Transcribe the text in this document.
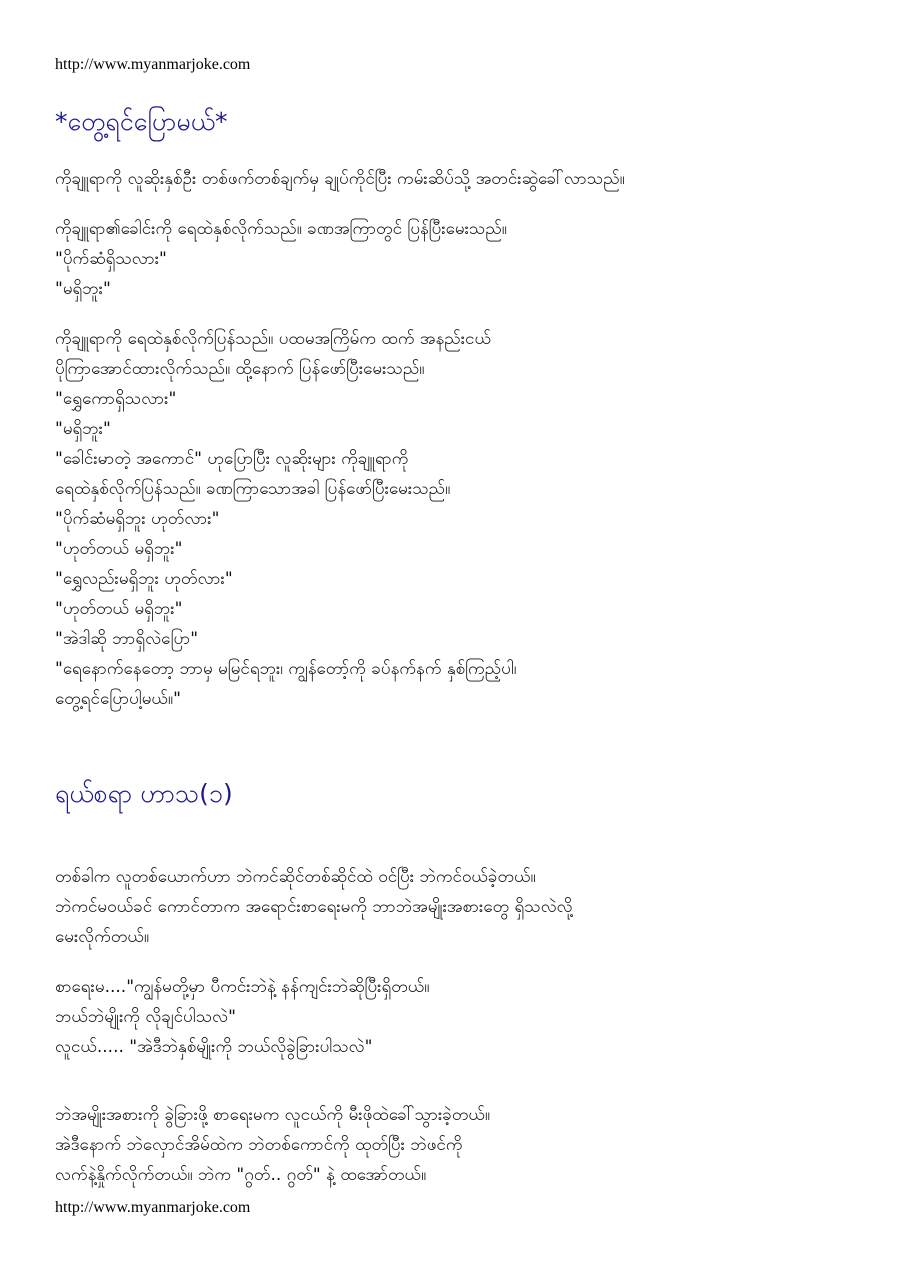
http://www.myanmarjoke.com
*တွေ့ရင်ပြောမယ်*
ကိုချူရာကို လူဆိုးနှစ်ဦး တစ်ဖက်တစ်ချက်မှ ချုပ်ကိုင်ပြီး ကမ်းဆိပ်သို့ အတင်းဆွဲခေါ်လာသည်။
ကိုချူရာ၏ခေါင်းကို ရေထဲနှစ်လိုက်သည်။ ခဏအကြာတွင် ပြန်ပြီးမေးသည်။
"ပိုက်ဆံရှိသလား"
"မရှိဘူး"
ကိုချူရာကို ရေထဲနှစ်လိုက်ပြန်သည်။ ပထမအကြိမ်က ထက် အနည်းငယ်
ပိုကြာအောင်ထားလိုက်သည်။ ထို့နောက် ပြန်ဖော်ပြီးမေးသည်။
"ရွှေကောရှိသလား"
"မရှိဘူး"
"ခေါင်းမာတဲ့ အကောင်" ဟုပြောပြီး လူဆိုးများ ကိုချူရာကို
ရေထဲနှစ်လိုက်ပြန်သည်။ ခဏကြာသောအခါ ပြန်ဖော်ပြီးမေးသည်။
"ပိုက်ဆံမရှိဘူး ဟုတ်လား"
"ဟုတ်တယ် မရှိဘူး"
"ရွှေလည်းမရှိဘူး ဟုတ်လား"
"ဟုတ်တယ် မရှိဘူး"
"အဲဒါဆို ဘာရှိလဲပြော"
"ရေနောက်နေတော့ ဘာမှ မမြင်ရဘူး၊ ကျွန်တော့်ကို ခပ်နက်နက် နှစ်ကြည့်ပါ၊
တွေ့ရင်ပြောပါ့မယ်။"
ရယ်စရာ ဟာသ(၁)
တစ်ခါက လူတစ်ယောက်ဟာ ဘဲကင်ဆိုင်တစ်ဆိုင်ထဲ ဝင်ပြီး ဘဲကင်ဝယ်ခဲ့တယ်။
ဘဲကင်မဝယ်ခင် ကောင်တာက အရောင်းစာရေးမကို ဘာဘဲအမျိုးအစားတွေ ရှိသလဲလို့
မေးလိုက်တယ်။
စာရေးမ...."ကျွန်မတို့မှာ ပီကင်းဘဲနဲ့ နန်ကျင်းဘဲဆိုပြီးရှိတယ်။
ဘယ်ဘဲမျိုးကို လိုချင်ပါသလဲ"
လူငယ်..... "အဲဒီဘဲနှစ်မျိုးကို ဘယ်လိုခွဲခြားပါသလဲ"
ဘဲအမျိုးအစားကို ခွဲခြားဖို့ စာရေးမက လူငယ်ကို မီးဖိုထဲခေါ်သွားခဲ့တယ်။
အဲဒီနောက် ဘဲလှောင်အိမ်ထဲက ဘဲတစ်ကောင်ကို ထုတ်ပြီး ဘဲဖင်ကို
လက်နဲ့နှိုက်လိုက်တယ်။ ဘဲက "ဂွတ်.. ဂွတ်" နဲ့ ထအော်တယ်။
http://www.myanmarjoke.com
